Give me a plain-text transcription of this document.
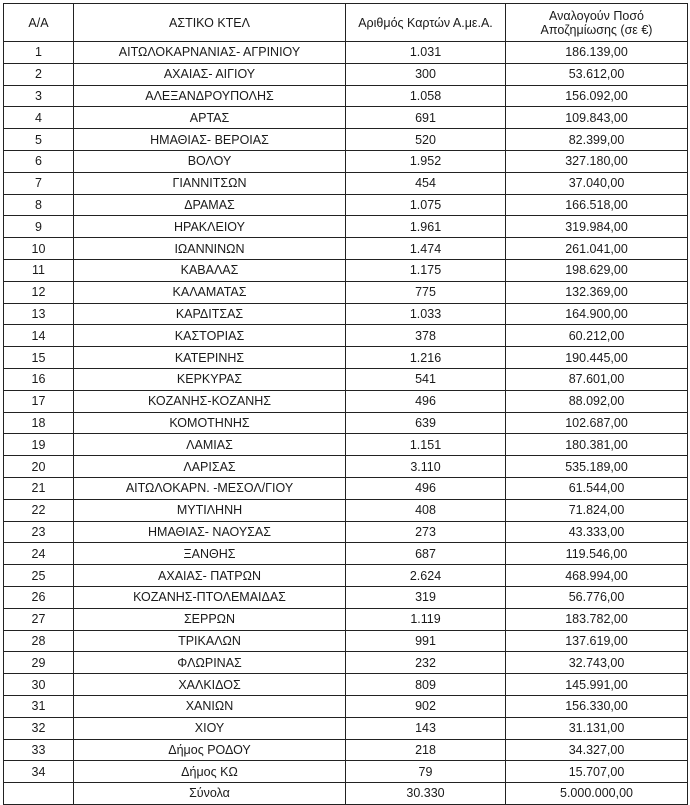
A/A	ΑΣΤΙΚΟ ΚΤΕΛ	Αριθμός Καρτών Α.με.Α.	Αναλογούν Ποσό Αποζημίωσης (σε €)
1	ΑΙΤΩΛΟΚΑΡΝΑΝΙΑΣ- ΑΓΡΙΝΙΟΥ	1.031	186.139,00
2	ΑΧΑΙΑΣ- ΑΙΓΙΟΥ	300	53.612,00
3	ΑΛΕΞΑΝΔΡΟΥΠΟΛΗΣ	1.058	156.092,00
4	ΑΡΤΑΣ	691	109.843,00
5	ΗΜΑΘΙΑΣ- ΒΕΡΟΙΑΣ	520	82.399,00
6	ΒΟΛΟΥ	1.952	327.180,00
7	ΓΙΑΝΝΙΤΣΩΝ	454	37.040,00
8	ΔΡΑΜΑΣ	1.075	166.518,00
9	ΗΡΑΚΛΕΙΟΥ	1.961	319.984,00
10	ΙΩΑΝΝΙΝΩΝ	1.474	261.041,00
11	ΚΑΒΑΛΑΣ	1.175	198.629,00
12	ΚΑΛΑΜΑΤΑΣ	775	132.369,00
13	ΚΑΡΔΙΤΣΑΣ	1.033	164.900,00
14	ΚΑΣΤΟΡΙΑΣ	378	60.212,00
15	ΚΑΤΕΡΙΝΗΣ	1.216	190.445,00
16	ΚΕΡΚΥΡΑΣ	541	87.601,00
17	ΚΟΖΑΝΗΣ-ΚΟΖΑΝΗΣ	496	88.092,00
18	ΚΟΜΟΤΗΝΗΣ	639	102.687,00
19	ΛΑΜΙΑΣ	1.151	180.381,00
20	ΛΑΡΙΣΑΣ	3.110	535.189,00
21	ΑΙΤΩΛΟΚΑΡΝ. -ΜΕΣΟΛ/ΓΙΟΥ	496	61.544,00
22	ΜΥΤΙΛΗΝΗ	408	71.824,00
23	ΗΜΑΘΙΑΣ- ΝΑΟΥΣΑΣ	273	43.333,00
24	ΞΑΝΘΗΣ	687	119.546,00
25	ΑΧΑΙΑΣ- ΠΑΤΡΩΝ	2.624	468.994,00
26	ΚΟΖΑΝΗΣ-ΠΤΟΛΕΜΑΙΔΑΣ	319	56.776,00
27	ΣΕΡΡΩΝ	1.119	183.782,00
28	ΤΡΙΚΑΛΩΝ	991	137.619,00
29	ΦΛΩΡΙΝΑΣ	232	32.743,00
30	ΧΑΛΚΙΔΟΣ	809	145.991,00
31	ΧΑΝΙΩΝ	902	156.330,00
32	ΧΙΟΥ	143	31.131,00
33	Δήμος ΡΟΔΟΥ	218	34.327,00
34	Δήμος ΚΩ	79	15.707,00
	Σύνολα	30.330	5.000.000,00
